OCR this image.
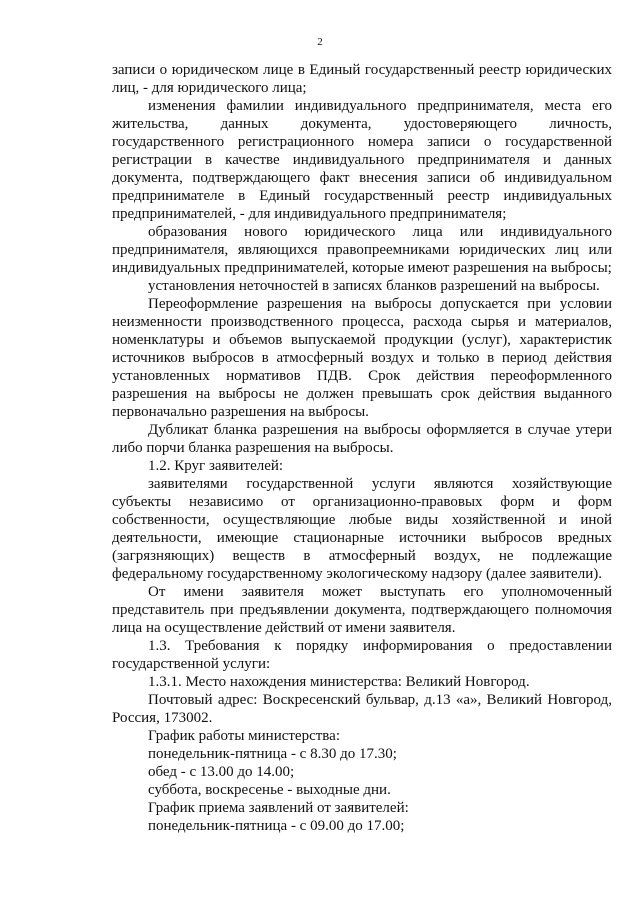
2

записи о юридическом лице в Единый государственный реестр юридических лиц, - для юридического лица;

изменения фамилии индивидуального предпринимателя, места его жительства, данных документа, удостоверяющего личность, государственного регистрационного номера записи о государственной регистрации в качестве индивидуального предпринимателя и данных документа, подтверждающего факт внесения записи об индивидуальном предпринимателе в Единый государственный реестр индивидуальных предпринимателей, - для индивидуального предпринимателя;

образования нового юридического лица или индивидуального предпринимателя, являющихся правопреемниками юридических лиц или индивидуальных предпринимателей, которые имеют разрешения на выбросы;

установления неточностей в записях бланков разрешений на выбросы.

Переоформление разрешения на выбросы допускается при условии неизменности производственного процесса, расхода сырья и материалов, номенклатуры и объемов выпускаемой продукции (услуг), характеристик источников выбросов в атмосферный воздух и только в период действия установленных нормативов ПДВ. Срок действия переоформленного разрешения на выбросы не должен превышать срок действия выданного первоначально разрешения на выбросы.

Дубликат бланка разрешения на выбросы оформляется в случае утери либо порчи бланка разрешения на выбросы.

1.2. Круг заявителей:

заявителями государственной услуги являются хозяйствующие субъекты независимо от организационно-правовых форм и форм собственности, осуществляющие любые виды хозяйственной и иной деятельности, имеющие стационарные источники выбросов вредных (загрязняющих) веществ в атмосферный воздух, не подлежащие федеральному государственному экологическому надзору (далее заявители).

От имени заявителя может выступать его уполномоченный представитель при предъявлении документа, подтверждающего полномочия лица на осуществление действий от имени заявителя.

1.3. Требования к порядку информирования о предоставлении государственной услуги:

1.3.1. Место нахождения министерства: Великий Новгород.

Почтовый адрес: Воскресенский бульвар, д.13 «а», Великий Новгород, Россия, 173002.

График работы министерства:

понедельник-пятница - с 8.30 до 17.30;

обед - с 13.00 до 14.00;

суббота, воскресенье - выходные дни.

График приема заявлений от заявителей:

понедельник-пятница - с 09.00 до 17.00;
